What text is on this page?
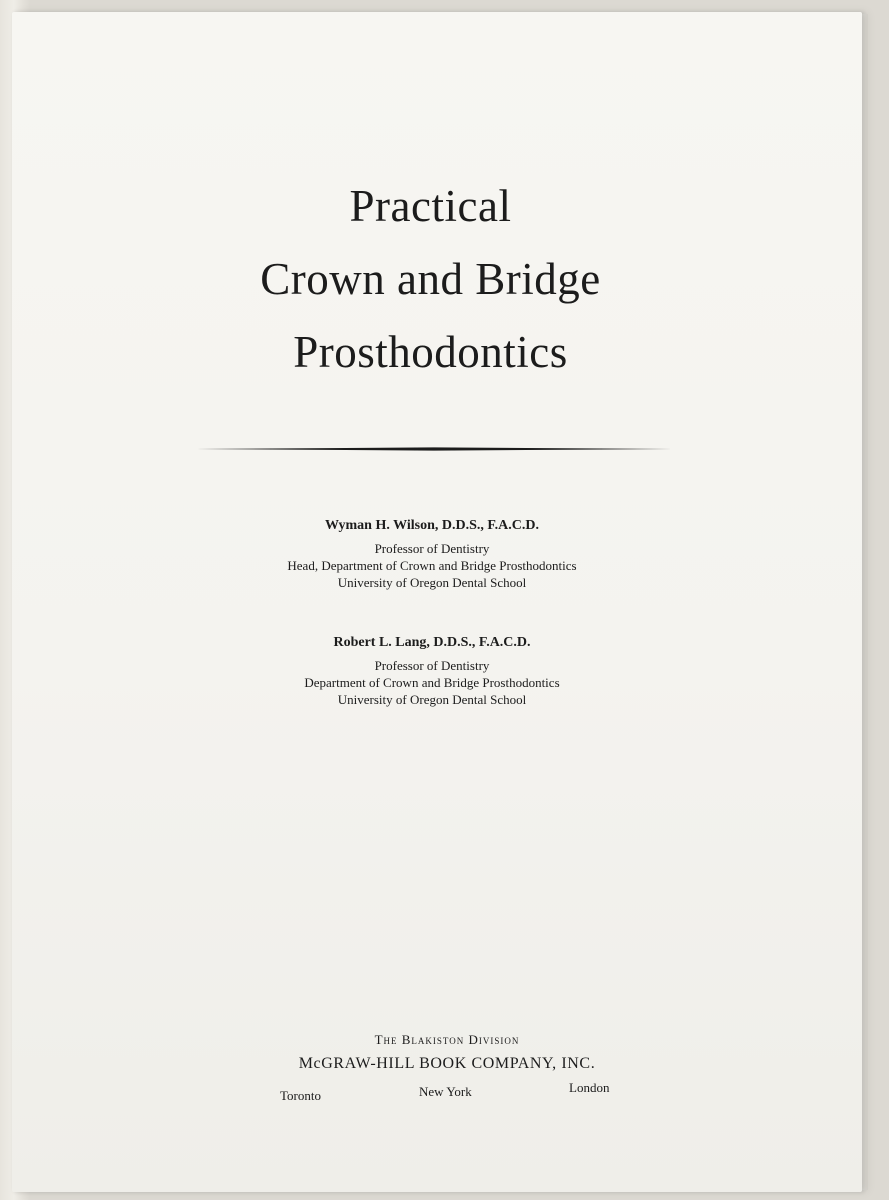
Practical
Crown and Bridge
Prosthodontics
Wyman H. Wilson, D.D.S., F.A.C.D.
Professor of Dentistry
Head, Department of Crown and Bridge Prosthodontics
University of Oregon Dental School
Robert L. Lang, D.D.S., F.A.C.D.
Professor of Dentistry
Department of Crown and Bridge Prosthodontics
University of Oregon Dental School
The Blakiston Division
McGRAW-HILL BOOK COMPANY, INC.
Toronto	New York	London
